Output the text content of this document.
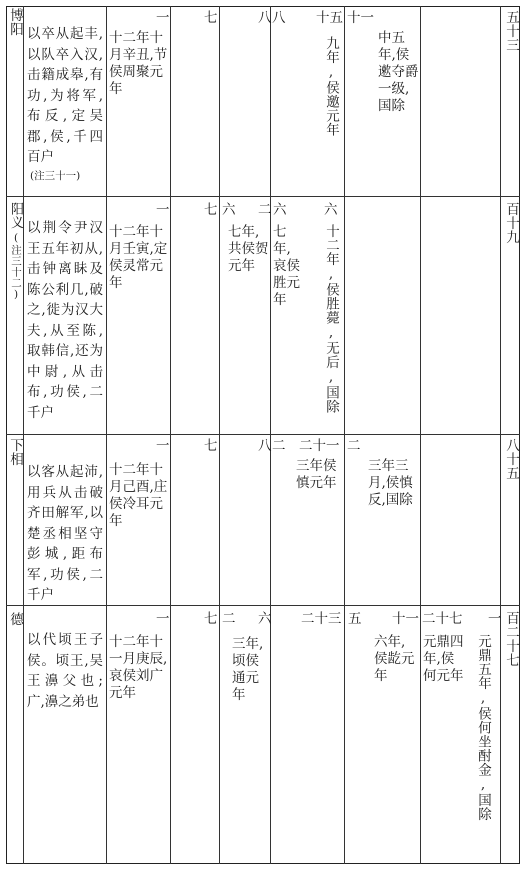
博阳 以卒从起丰,以队卒入汉,击籍成皋,有功,为将军,布反,定吴郡,侯,千四百户
(注三十一)
一
十二年十月辛丑,节侯周聚元年
七	八 八 十五
九年,侯邀元年
十一
中五年,侯遬夺爵一级,国除
五十三
阳义
(注三十二)
以荆令尹汉王五年初从,击钟离眛及陈公利几,破之,徙为汉大夫,从至陈,取韩信,还为中尉,从击布,功侯,二千户
一
十二年十月壬寅,定侯灵常元年
七 六 二
七年,共侯贺元年
六
七年,哀侯胜元年
六
十二年,侯胜薨,无后,国除
百十九
下相
以客从起沛,用兵从击破齐田解军,以楚丞相坚守彭城,距布军,功侯,二千户
一
十二年十月己酉,庄侯冷耳元年
七	八 二 二十一
三年侯慎元年
二
三年三月,侯慎反,国除
八十五
德
以代顷王子侯。顷王,吴王濞父也;广,濞之弟也
一
十二年十一月庚辰,哀侯刘广元年
七 二 六
三年,顷侯通元年
二十三 五 十一
六年,侯龁元年
二十七 一
元鼎四年,侯何元年 元鼎五年,侯何坐酎金,国除 百二十七
